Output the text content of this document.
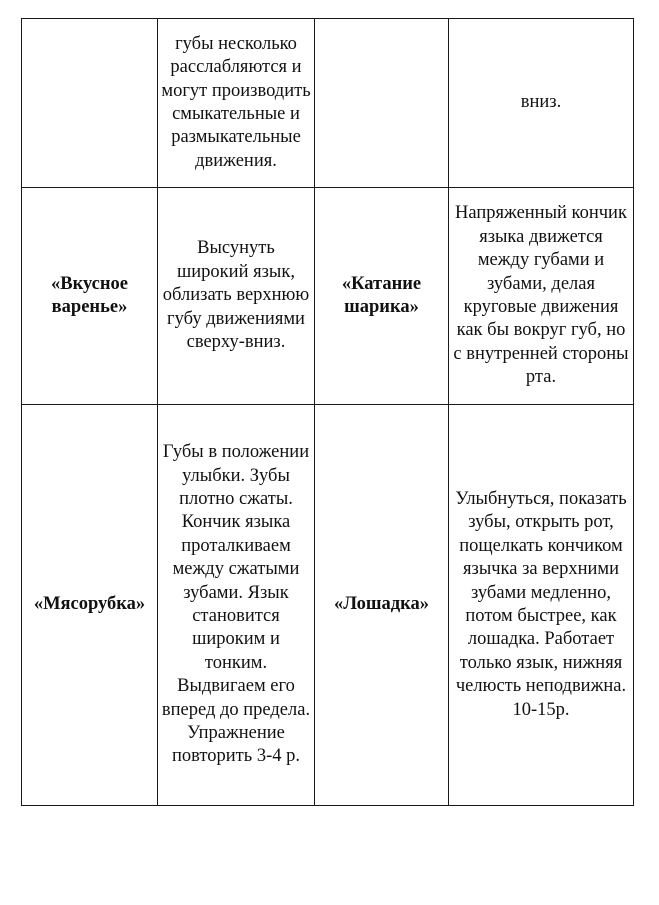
	губы несколько расслабляются и могут производить смыкательные и размыкательные движения.		вниз.

«Вкусное варенье»	Высунуть широкий язык, облизать верхнюю губу движениями сверху-вниз.	«Катание шарика»	Напряженный кончик языка движется между губами и зубами, делая круговые движения как бы вокруг губ, но с внутренней стороны рта.

«Мясорубка»	Губы в положении улыбки. Зубы плотно сжаты. Кончик языка проталкиваем между сжатыми зубами. Язык становится широким и тонким. Выдвигаем его вперед до предела. Упражнение повторить 3-4 р.	«Лошадка»	Улыбнуться, показать зубы, открыть рот, пощелкать кончиком язычка за верхними зубами медленно, потом быстрее, как лошадка. Работает только язык, нижняя челюсть неподвижна. 10-15р.
